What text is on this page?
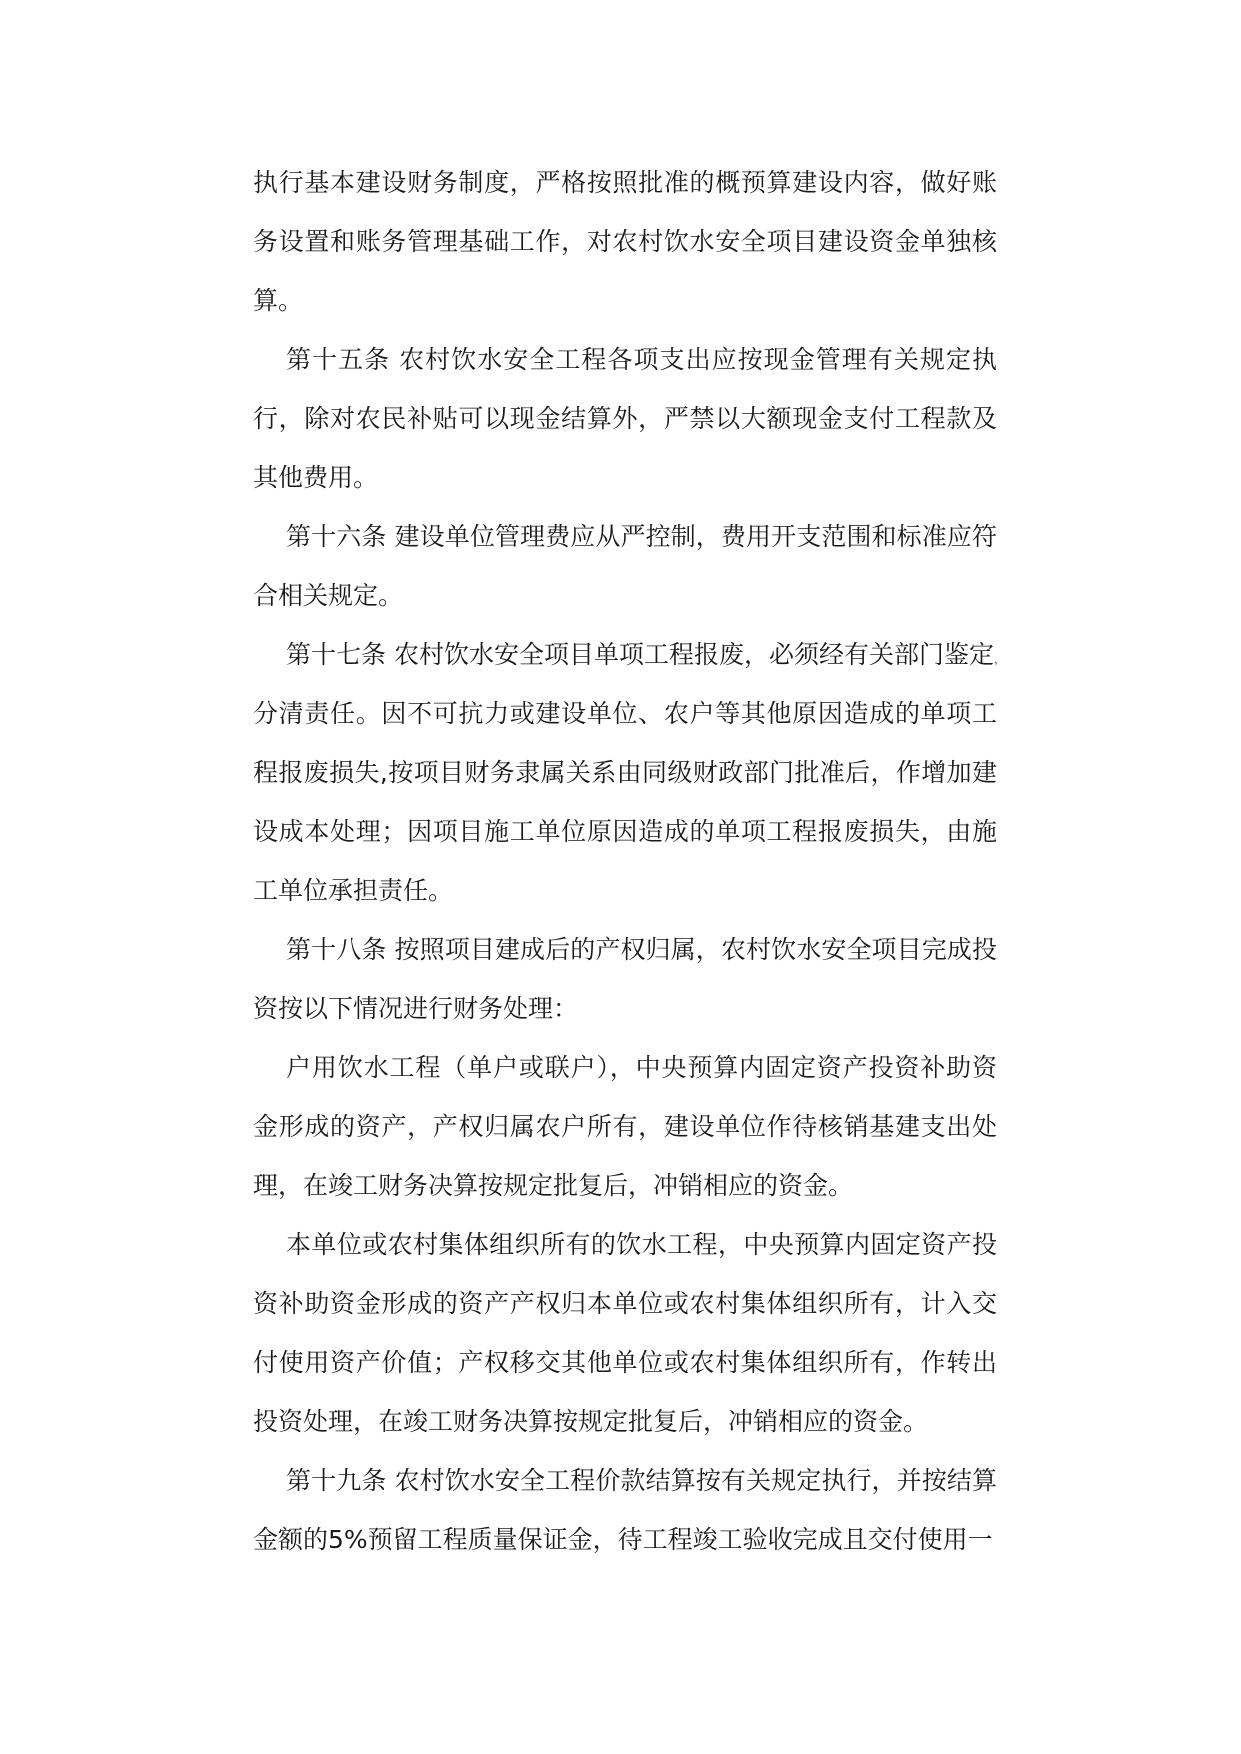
执行基本建设财务制度，严格按照批准的概预算建设内容，做好账
务设置和账务管理基础工作，对农村饮水安全项目建设资金单独核
算。
第十五条 农村饮水安全工程各项支出应按现金管理有关规定执
行，除对农民补贴可以现金结算外，严禁以大额现金支付工程款及
其他费用。
第十六条 建设单位管理费应从严控制，费用开支范围和标准应符
合相关规定。
第十七条 农村饮水安全项目单项工程报废，必须经有关部门鉴定，
分清责任。因不可抗力或建设单位、农户等其他原因造成的单项工
程报废损失,按项目财务隶属关系由同级财政部门批准后，作增加建
设成本处理；因项目施工单位原因造成的单项工程报废损失，由施
工单位承担责任。
第十八条 按照项目建成后的产权归属，农村饮水安全项目完成投
资按以下情况进行财务处理：
户用饮水工程（单户或联户），中央预算内固定资产投资补助资
金形成的资产，产权归属农户所有，建设单位作待核销基建支出处
理，在竣工财务决算按规定批复后，冲销相应的资金。
本单位或农村集体组织所有的饮水工程，中央预算内固定资产投
资补助资金形成的资产产权归本单位或农村集体组织所有，计入交
付使用资产价值；产权移交其他单位或农村集体组织所有，作转出
投资处理，在竣工财务决算按规定批复后，冲销相应的资金。
第十九条 农村饮水安全工程价款结算按有关规定执行，并按结算
金额的5%预留工程质量保证金，待工程竣工验收完成且交付使用一
